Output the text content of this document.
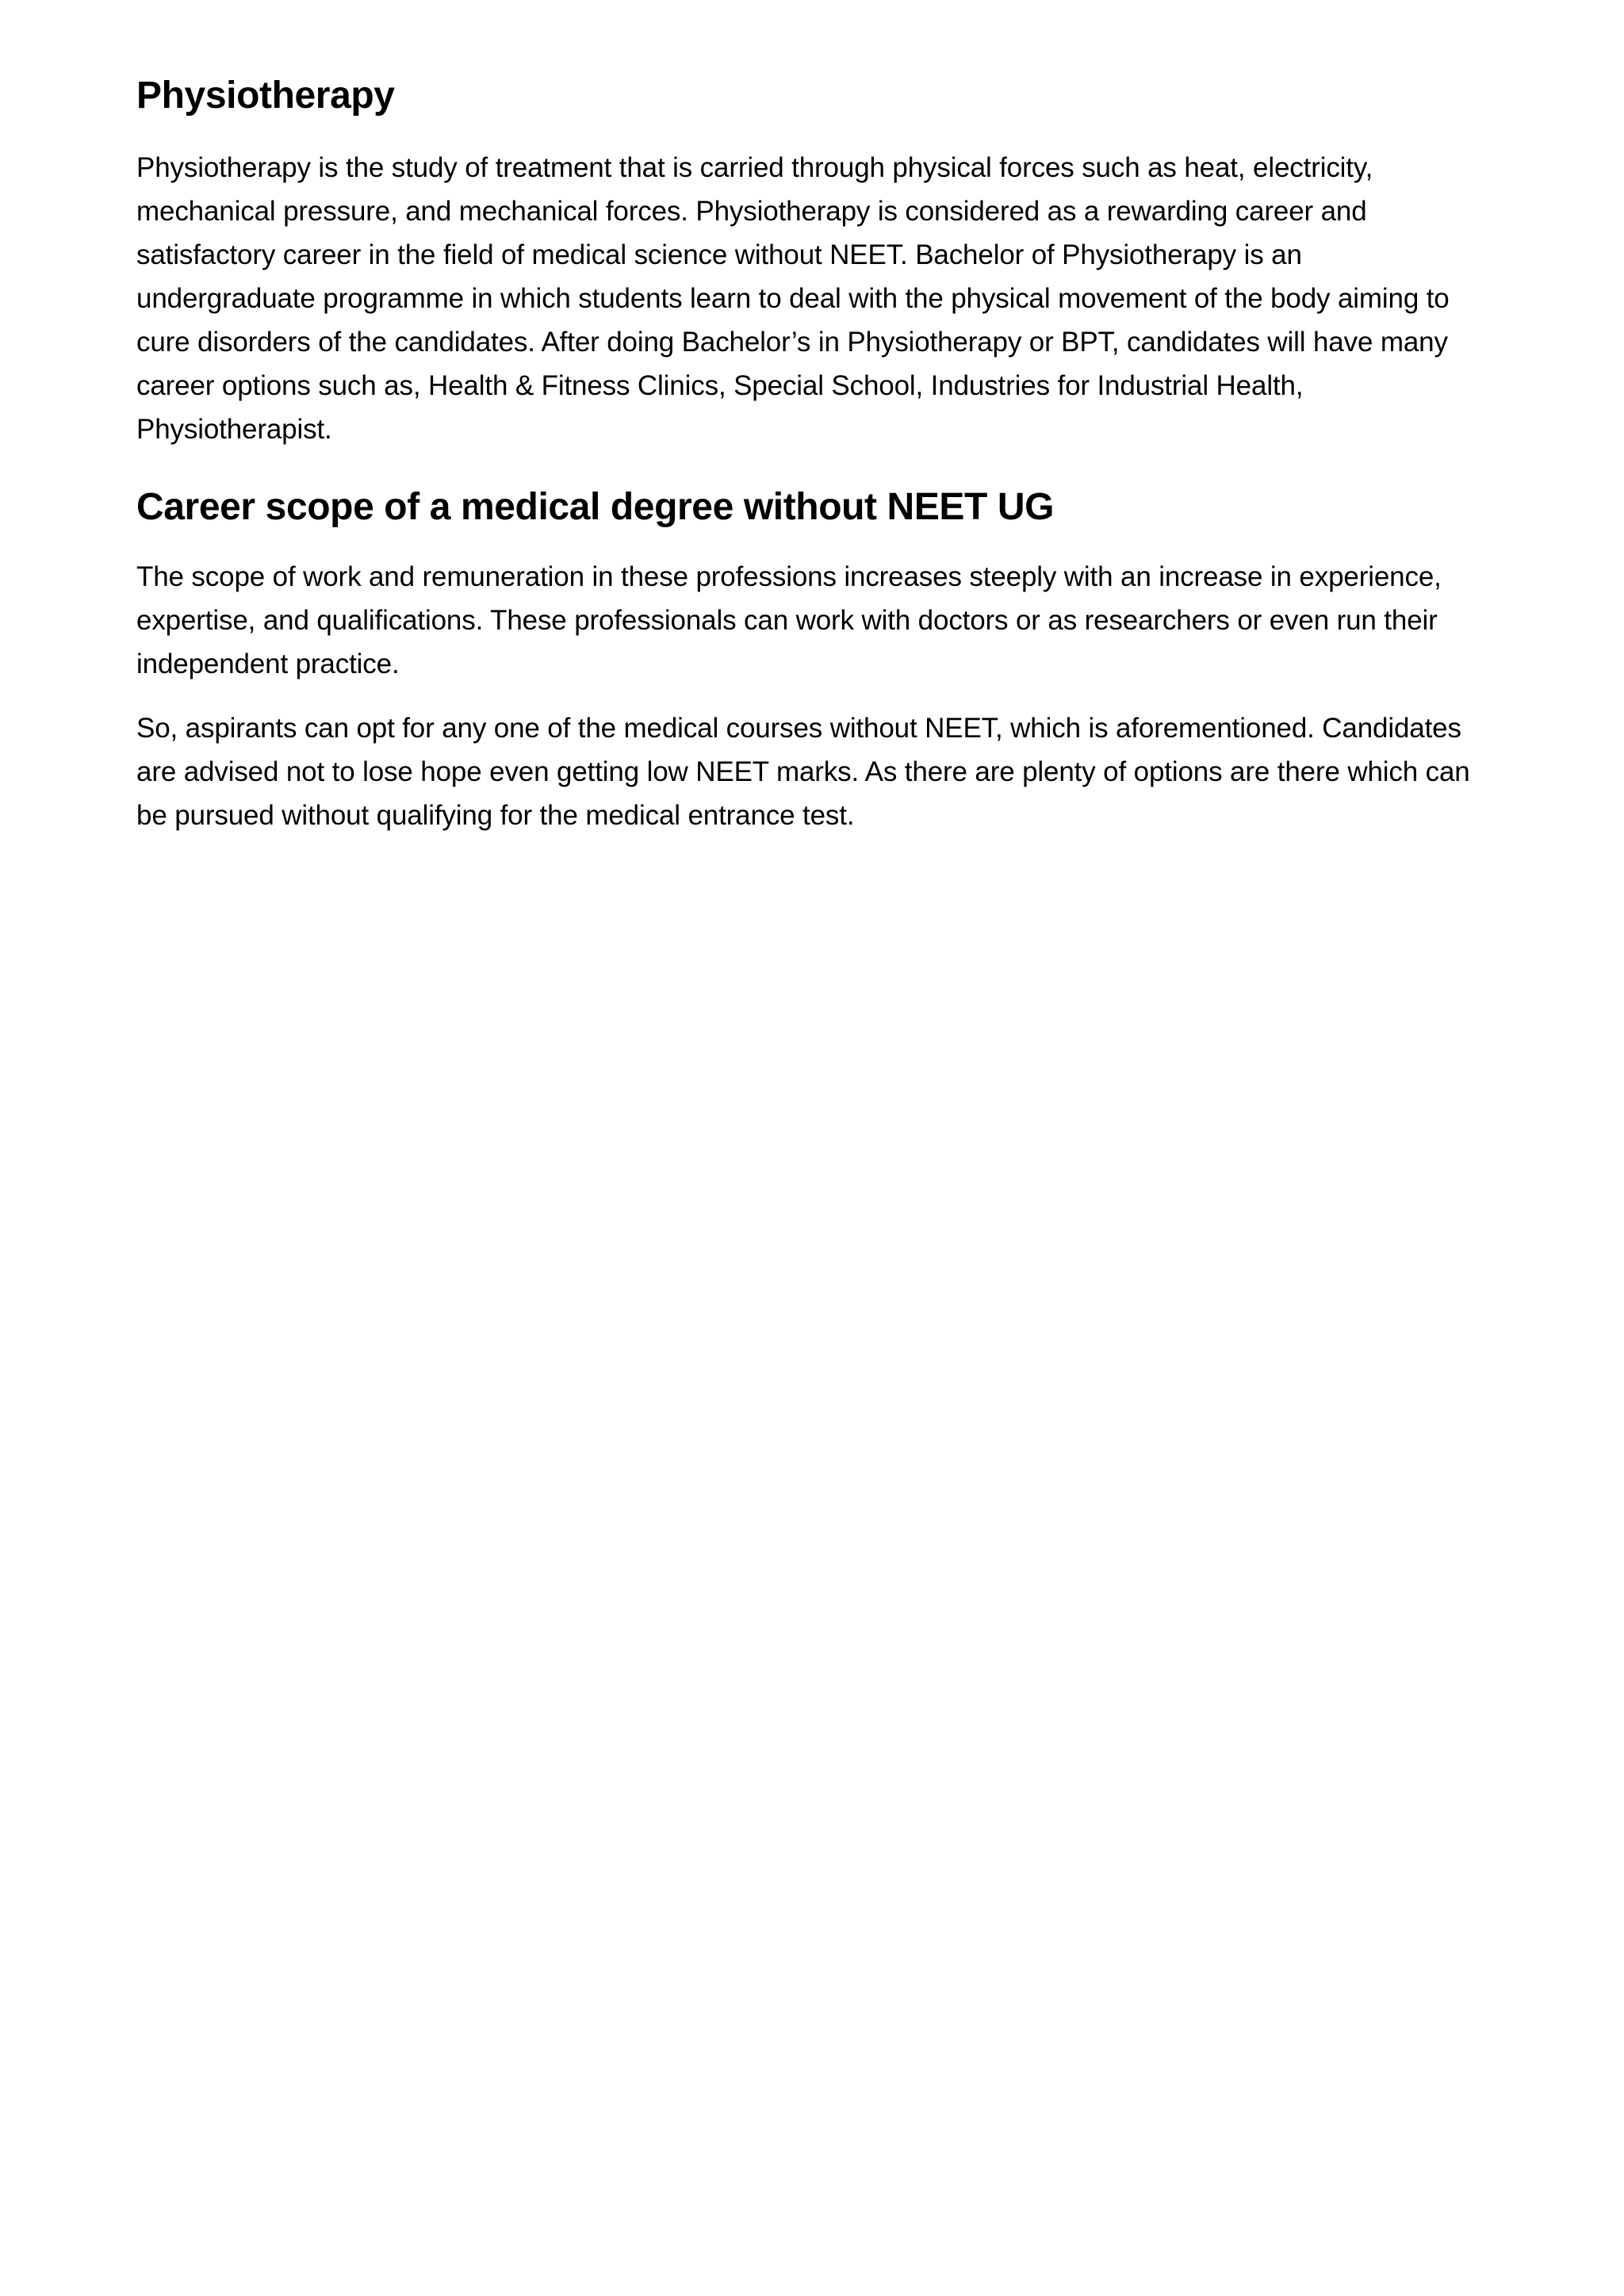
Physiotherapy

Physiotherapy is the study of treatment that is carried through physical forces such as heat, electricity, mechanical pressure, and mechanical forces. Physiotherapy is considered as a rewarding career and satisfactory career in the field of medical science without NEET. Bachelor of Physiotherapy is an undergraduate programme in which students learn to deal with the physical movement of the body aiming to cure disorders of the candidates. After doing Bachelor’s in Physiotherapy or BPT, candidates will have many career options such as, Health & Fitness Clinics, Special School, Industries for Industrial Health, Physiotherapist.

Career scope of a medical degree without NEET UG

The scope of work and remuneration in these professions increases steeply with an increase in experience, expertise, and qualifications. These professionals can work with doctors or as researchers or even run their independent practice.

So, aspirants can opt for any one of the medical courses without NEET, which is aforementioned. Candidates are advised not to lose hope even getting low NEET marks. As there are plenty of options are there which can be pursued without qualifying for the medical entrance test.
